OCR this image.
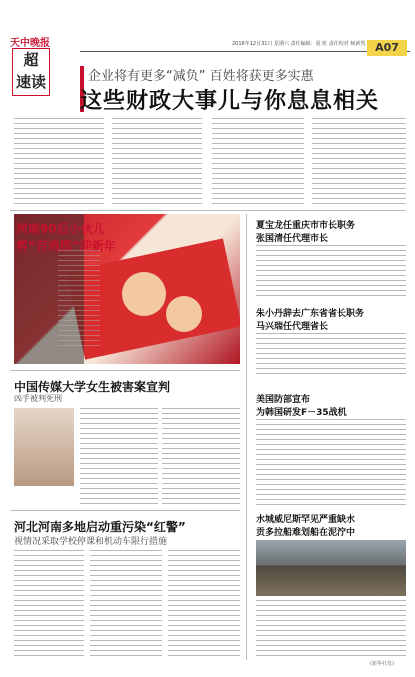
天中晚报
超
速读
2016年12月31日 星期六 责任编辑：夏 虹 责任校对 师新然 A07
企业将有更多“减负” 百姓将获更多实惠
这些财政大事儿与你息息相关
河南90后小伙儿
剪“百鸡图”迎新年
夏宝龙任重庆市市长职务
张国清任代理市长
朱小丹辞去广东省省长职务
马兴瑞任代理省长
美国防部宣布
为韩国研发F－35战机
水城威尼斯罕见严重缺水
贡多拉船难划船在泥泞中
(新华社发)
中国传媒大学女生被害案宣判
凶手被判死刑
河北河南多地启动重污染“红警”
视情况采取学校停课和机动车限行措施
